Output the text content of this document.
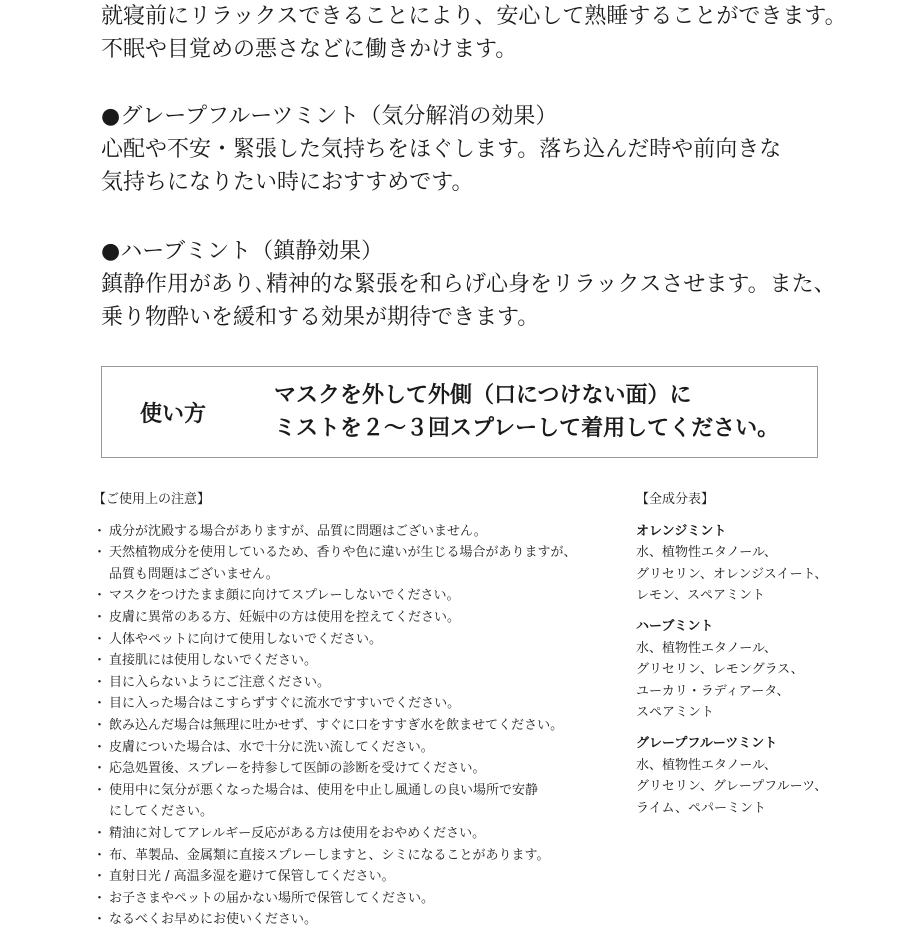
就寝前にリラックスできることにより、安心して熟睡することができます。

不眠や目覚めの悪さなどに働きかけます。

●グレープフルーツミント（気分解消の効果）

心配や不安・緊張した気持ちをほぐします。落ち込んだ時や前向きな

気持ちになりたい時におすすめです。

●ハーブミント（鎮静効果）

鎮静作用があり､精神的な緊張を和らげ心身をリラックスさせます。また、

乗り物酔いを緩和する効果が期待できます。

使い方

マスクを外して外側（口につけない面）に

ミストを２～３回スプレーして着用してください。

【ご使用上の注意】

・ 成分が沈殿する場合がありますが、品質に問題はございません。
・ 天然植物成分を使用しているため、香りや色に違いが生じる場合がありますが、
品質も問題はございません。
・ マスクをつけたまま顔に向けてスプレーしないでください。
・ 皮膚に異常のある方、妊娠中の方は使用を控えてください。
・ 人体やペットに向けて使用しないでください。
・ 直接肌には使用しないでください。
・ 目に入らないようにご注意ください。
・ 目に入った場合はこすらずすぐに流水ですすいでください。
・ 飲み込んだ場合は無理に吐かせず、すぐに口をすすぎ水を飲ませてください。
・ 皮膚についた場合は、水で十分に洗い流してください。
・ 応急処置後、スプレーを持参して医師の診断を受けてください。
・ 使用中に気分が悪くなった場合は、使用を中止し風通しの良い場所で安静
にしてください。
・ 精油に対してアレルギー反応がある方は使用をおやめください。
・ 布、革製品、金属類に直接スプレーしますと、シミになることがあります。
・ 直射日光 / 高温多湿を避けて保管してください。
・ お子さまやペットの届かない場所で保管してください。
・ なるべくお早めにお使いください。

【全成分表】

オレンジミント
水、植物性エタノール、
グリセリン、オレンジスイート、
レモン、スペアミント
ハーブミント
水、植物性エタノール、
グリセリン、レモングラス、
ユーカリ・ラディアータ、
スペアミント
グレープフルーツミント
水、植物性エタノール、
グリセリン、グレープフルーツ、
ライム、ペパーミント
